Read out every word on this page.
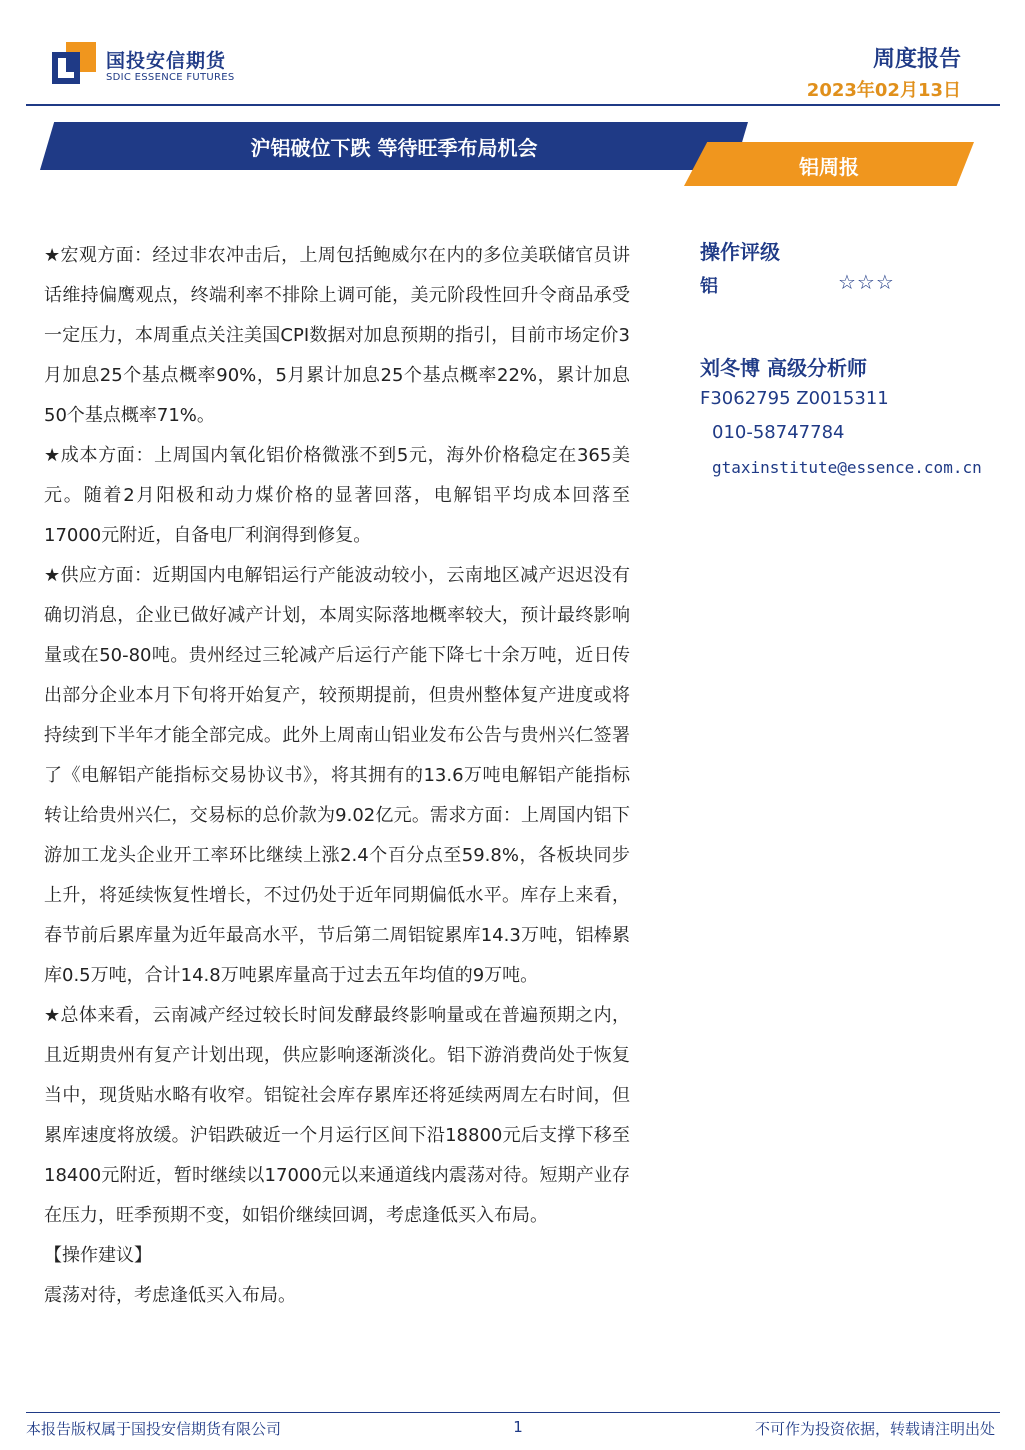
国投安信期货
SDIC ESSENCE FUTURES
周度报告
2023年02月13日
沪铝破位下跌 等待旺季布局机会
铝周报

★宏观方面：经过非农冲击后，上周包括鲍威尔在内的多位美联储官员讲话维持偏鹰观点，终端利率不排除上调可能，美元阶段性回升令商品承受一定压力，本周重点关注美国CPI数据对加息预期的指引，目前市场定价3月加息25个基点概率90%，5月累计加息25个基点概率22%，累计加息50个基点概率71%。

★成本方面：上周国内氧化铝价格微涨不到5元，海外价格稳定在365美元。随着2月阳极和动力煤价格的显著回落，电解铝平均成本回落至17000元附近，自备电厂利润得到修复。

★供应方面：近期国内电解铝运行产能波动较小，云南地区减产迟迟没有确切消息，企业已做好减产计划，本周实际落地概率较大，预计最终影响量或在50-80吨。贵州经过三轮减产后运行产能下降七十余万吨，近日传出部分企业本月下旬将开始复产，较预期提前，但贵州整体复产进度或将持续到下半年才能全部完成。此外上周南山铝业发布公告与贵州兴仁签署了《电解铝产能指标交易协议书》，将其拥有的13.6万吨电解铝产能指标转让给贵州兴仁，交易标的总价款为9.02亿元。需求方面：上周国内铝下游加工龙头企业开工率环比继续上涨2.4个百分点至59.8%，各板块同步上升，将延续恢复性增长，不过仍处于近年同期偏低水平。库存上来看，春节前后累库量为近年最高水平，节后第二周铝锭累库14.3万吨，铝棒累库0.5万吨，合计14.8万吨累库量高于过去五年均值的9万吨。

★总体来看，云南减产经过较长时间发酵最终影响量或在普遍预期之内，且近期贵州有复产计划出现，供应影响逐渐淡化。铝下游消费尚处于恢复当中，现货贴水略有收窄。铝锭社会库存累库还将延续两周左右时间，但累库速度将放缓。沪铝跌破近一个月运行区间下沿18800元后支撑下移至18400元附近，暂时继续以17000元以来通道线内震荡对待。短期产业存在压力，旺季预期不变，如铝价继续回调，考虑逢低买入布局。

【操作建议】

震荡对待，考虑逢低买入布局。

操作评级
铝	☆☆☆
刘冬博 高级分析师
F3062795 Z0015311
010-58747784
gtaxinstitute@essence.com.cn
本报告版权属于国投安信期货有限公司	1	不可作为投资依据，转载请注明出处
